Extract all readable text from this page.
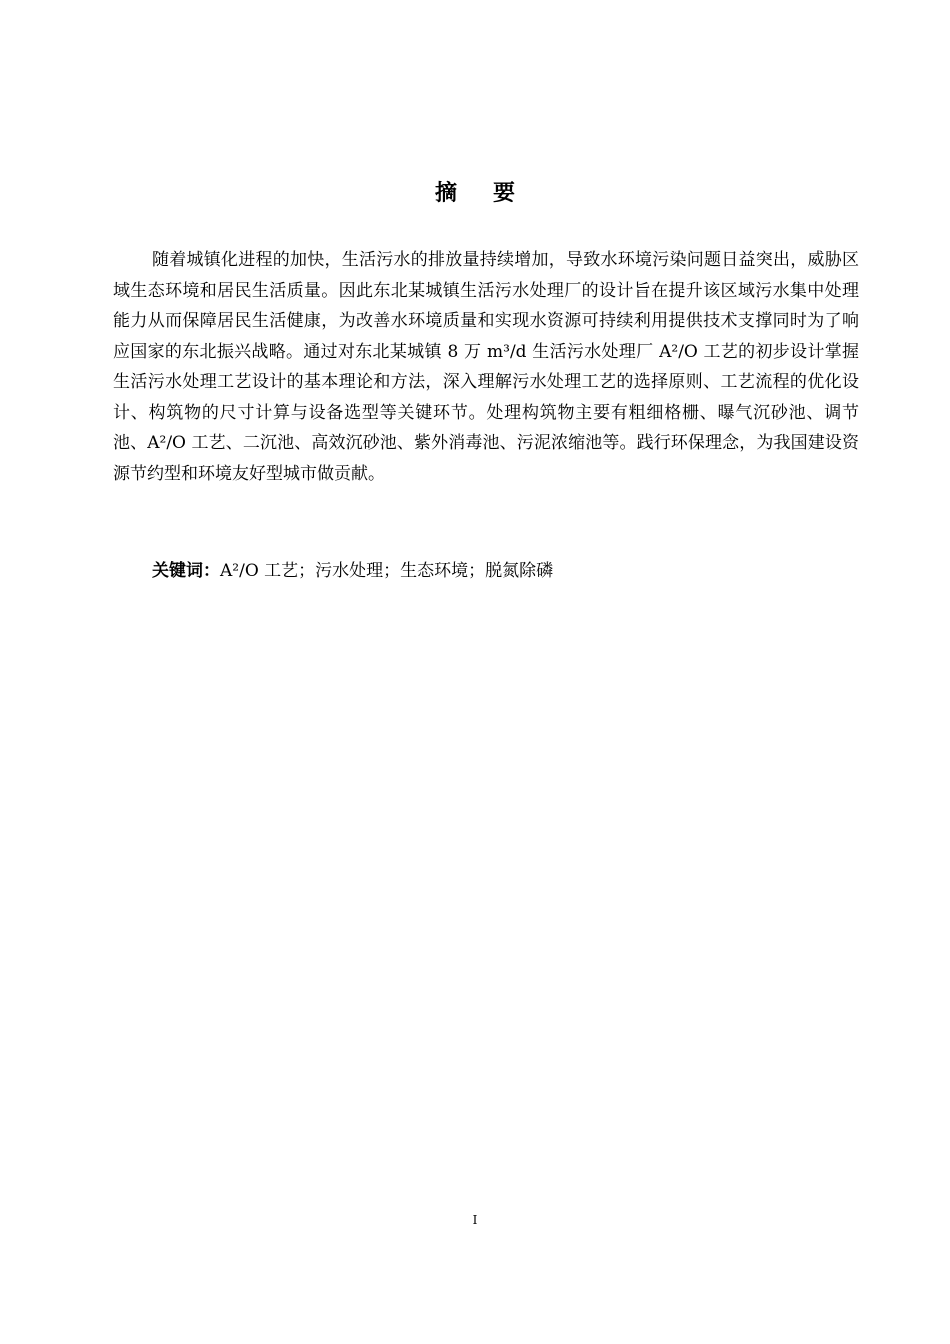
摘要

随着城镇化进程的加快，生活污水的排放量持续增加，导致水环境污染问题日益突出，威胁区域生态环境和居民生活质量。因此东北某城镇生活污水处理厂的设计旨在提升该区域污水集中处理能力从而保障居民生活健康，为改善水环境质量和实现水资源可持续利用提供技术支撑同时为了响应国家的东北振兴战略。通过对东北某城镇 8 万 m³/d 生活污水处理厂 A²/O 工艺的初步设计掌握生活污水处理工艺设计的基本理论和方法，深入理解污水处理工艺的选择原则、工艺流程的优化设计、构筑物的尺寸计算与设备选型等关键环节。处理构筑物主要有粗细格栅、曝气沉砂池、调节池、A²/O 工艺、二沉池、高效沉砂池、紫外消毒池、污泥浓缩池等。践行环保理念，为我国建设资源节约型和环境友好型城市做贡献。

关键词：A²/O 工艺；污水处理；生态环境；脱氮除磷

I
